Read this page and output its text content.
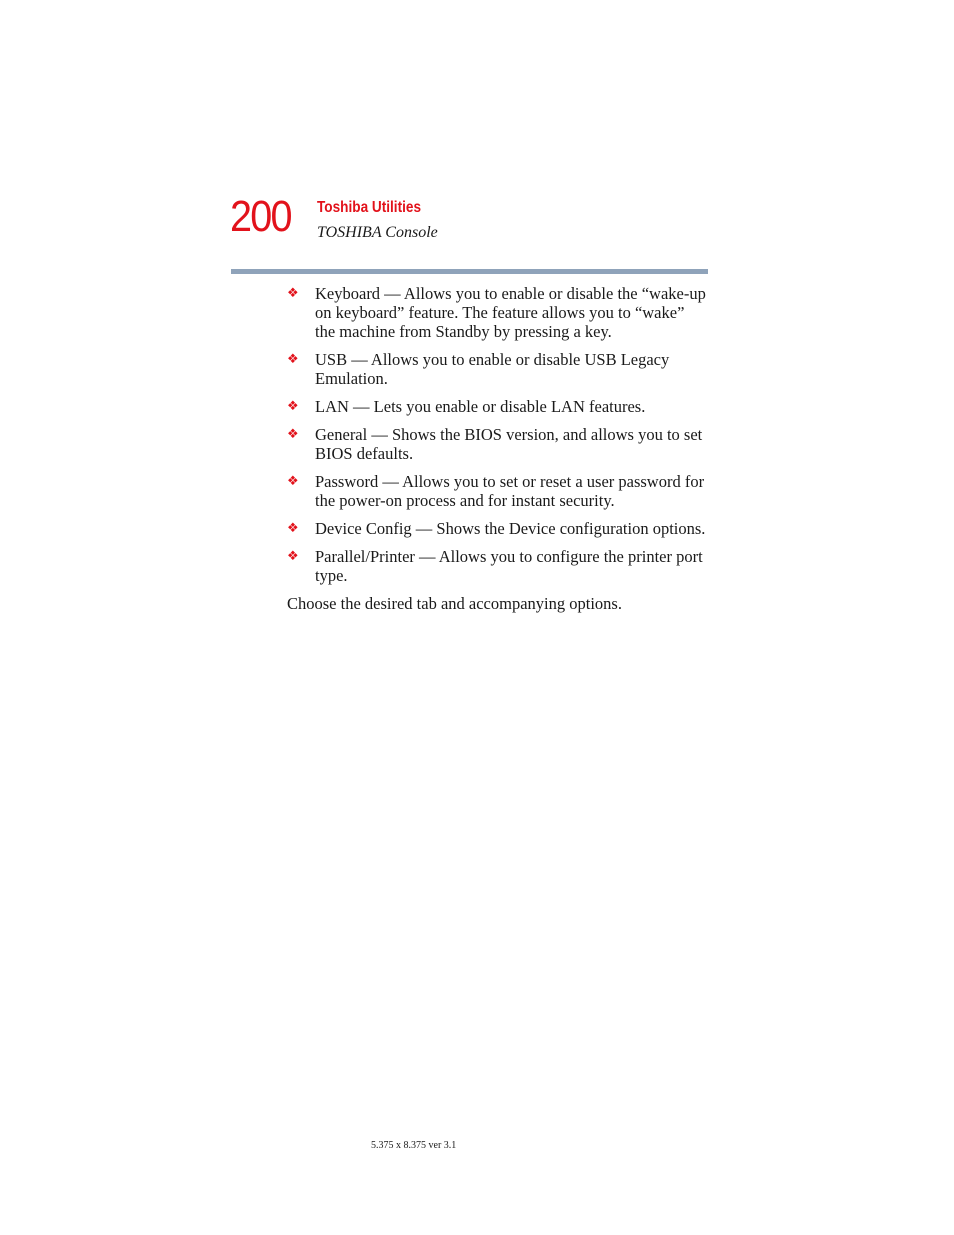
200 Toshiba Utilities
TOSHIBA Console
❖ Keyboard — Allows you to enable or disable the “wake-up on keyboard” feature. The feature allows you to “wake” the machine from Standby by pressing a key.
❖ USB — Allows you to enable or disable USB Legacy Emulation.
❖ LAN — Lets you enable or disable LAN features.
❖ General — Shows the BIOS version, and allows you to set BIOS defaults.
❖ Password — Allows you to set or reset a user password for the power-on process and for instant security.
❖ Device Config — Shows the Device configuration options.
❖ Parallel/Printer — Allows you to configure the printer port type.

Choose the desired tab and accompanying options.

5.375 x 8.375 ver 3.1
